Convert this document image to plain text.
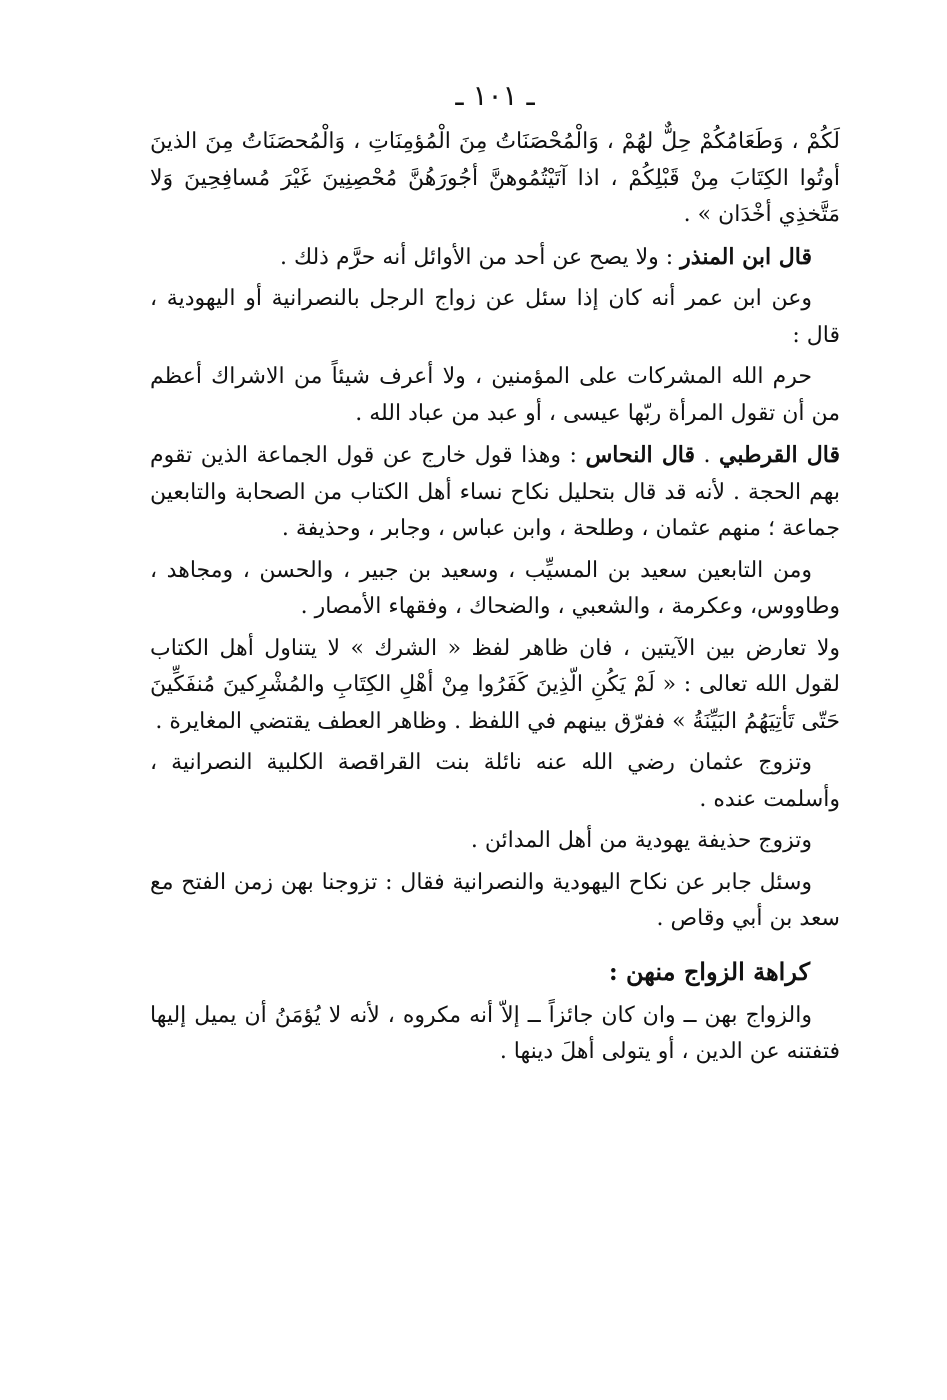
ـ ١٠١ ـ

لَكُمْ ، وَطَعَامُكُمْ حِلٌّ لهُمْ ، وَالْمُحْصَنَاتُ مِنَ الْمُؤمِنَاتِ ، وَالْمُحصَنَاتُ مِنَ الذينَ أوتُوا الكِتَابَ مِنْ قَبْلِكُمْ ، اذا آتَيْتُمُوهنَّ أجُورَهُنَّ مُحْصِنِينَ غَيْرَ مُسافِحِينَ وَلا مَتَّخذِي أخْدَان » .

قال ابن المنذر : ولا يصح عن أحد من الأوائل أنه حرَّم ذلك .

وعن ابن عمر أنه كان إذا سئل عن زواج الرجل بالنصرانية أو اليهودية ، قال :

حرم الله المشركات على المؤمنين ، ولا أعرف شيئاً من الاشراك أعظم من أن تقول المرأة ربّها عيسى ، أو عبد من عباد الله .

قال القرطبي . قال النحاس : وهذا قول خارج عن قول الجماعة الذين تقوم بهم الحجة . لأنه قد قال بتحليل نكاح نساء أهل الكتاب من الصحابة والتابعين جماعة ؛ منهم عثمان ، وطلحة ، وابن عباس ، وجابر ، وحذيفة .

ومن التابعين سعيد بن المسيِّب ، وسعيد بن جبير ، والحسن ، ومجاهد ، وطاووس، وعكرمة ، والشعبي ، والضحاك ، وفقهاء الأمصار .

ولا تعارض بين الآيتين ، فان ظاهر لفظ « الشرك » لا يتناول أهل الكتاب لقول الله تعالى : « لَمْ يَكُنِ الّذِينَ كَفَرُوا مِنْ أهْلِ الكِتَابِ والمُشْرِكينَ مُنفَكِّينَ حَتّى تَأتِيَهُمُ البَيِّنَةُ » ففرّق بينهم في اللفظ . وظاهر العطف يقتضي المغايرة .

وتزوج عثمان رضي الله عنه نائلة بنت القراقصة الكلبية النصرانية ، وأسلمت عنده .

وتزوج حذيفة يهودية من أهل المدائن .

وسئل جابر عن نكاح اليهودية والنصرانية فقال : تزوجنا بهن زمن الفتح مع سعد بن أبي وقاص .

كراهة الزواج منهن :

والزواج بهن ــ وان كان جائزاً ــ إلاّ أنه مكروه ، لأنه لا يُؤمَنُ أن يميل إليها فتفتنه عن الدين ، أو يتولى أهلَ دينها .
